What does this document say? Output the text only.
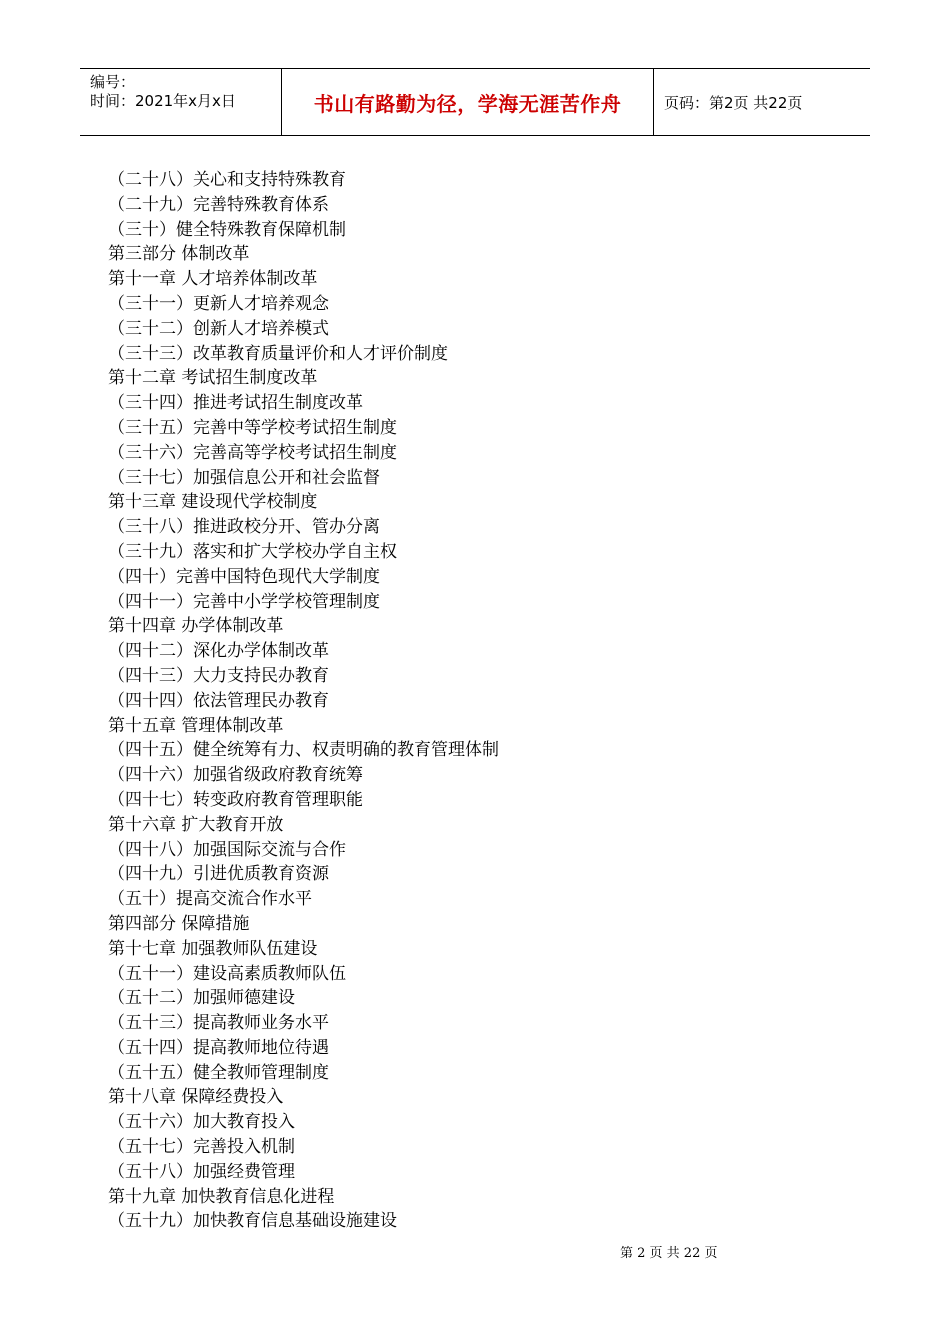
编号：
时间：2021年x月x日	书山有路勤为径，学海无涯苦作舟	页码：第2页 共22页
（二十八）关心和支持特殊教育
（二十九）完善特殊教育体系
（三十）健全特殊教育保障机制
第三部分 体制改革
第十一章 人才培养体制改革
（三十一）更新人才培养观念
（三十二）创新人才培养模式
（三十三）改革教育质量评价和人才评价制度
第十二章 考试招生制度改革
（三十四）推进考试招生制度改革
（三十五）完善中等学校考试招生制度
（三十六）完善高等学校考试招生制度
（三十七）加强信息公开和社会监督
第十三章 建设现代学校制度
（三十八）推进政校分开、管办分离
（三十九）落实和扩大学校办学自主权
（四十）完善中国特色现代大学制度
（四十一）完善中小学学校管理制度
第十四章 办学体制改革
（四十二）深化办学体制改革
（四十三）大力支持民办教育
（四十四）依法管理民办教育
第十五章 管理体制改革
（四十五）健全统筹有力、权责明确的教育管理体制
（四十六）加强省级政府教育统筹
（四十七）转变政府教育管理职能
第十六章 扩大教育开放
（四十八）加强国际交流与合作
（四十九）引进优质教育资源
（五十）提高交流合作水平
第四部分 保障措施
第十七章 加强教师队伍建设
（五十一）建设高素质教师队伍
（五十二）加强师德建设
（五十三）提高教师业务水平
（五十四）提高教师地位待遇
（五十五）健全教师管理制度
第十八章 保障经费投入
（五十六）加大教育投入
（五十七）完善投入机制
（五十八）加强经费管理
第十九章 加快教育信息化进程
（五十九）加快教育信息基础设施建设
第 2 页 共 22 页
